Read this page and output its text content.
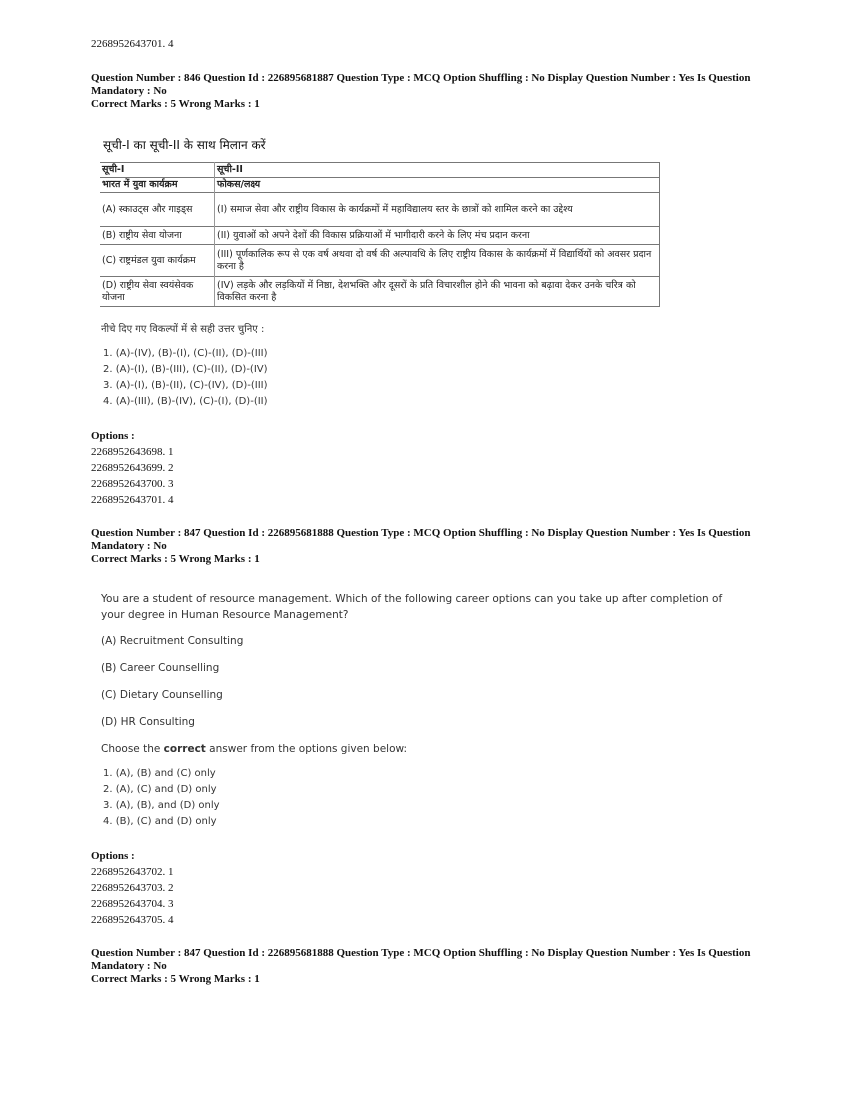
2268952643701. 4
Question Number : 846 Question Id : 226895681887 Question Type : MCQ Option Shuffling : No Display Question Number : Yes Is Question
Mandatory : No
Correct Marks : 5 Wrong Marks : 1
सूची-I का सूची-II के साथ मिलान करें
सूची-I	सूची-II
भारत में युवा कार्यक्रम	फोकस/लक्ष्य
(A) स्काउट्स और गाइड्स	(I) समाज सेवा और राष्ट्रीय विकास के कार्यक्रमों में महाविद्यालय स्तर के छात्रों को शामिल करने का उद्देश्य
(B) राष्ट्रीय सेवा योजना	(II) युवाओं को अपने देशों की विकास प्रक्रियाओं में भागीदारी करने के लिए मंच प्रदान करना
(C) राष्ट्रमंडल युवा कार्यक्रम	(III) पूर्णकालिक रूप से एक वर्ष अथवा दो वर्ष की अल्पावधि के लिए राष्ट्रीय विकास के कार्यक्रमों में विद्यार्थियों को अवसर प्रदान करना है
(D) राष्ट्रीय सेवा स्वयंसेवक योजना	(IV) लड़के और लड़कियों में निष्ठा, देशभक्ति और दूसरों के प्रति विचारशील होने की भावना को बढ़ावा देकर उनके चरित्र को विकसित करना है
नीचे दिए गए विकल्पों में से सही उत्तर चुनिए :
1. (A)-(IV), (B)-(I), (C)-(II), (D)-(III)
2. (A)-(I), (B)-(III), (C)-(II), (D)-(IV)
3. (A)-(I), (B)-(II), (C)-(IV), (D)-(III)
4. (A)-(III), (B)-(IV), (C)-(I), (D)-(II)
Options :
2268952643698. 1
2268952643699. 2
2268952643700. 3
2268952643701. 4
Question Number : 847 Question Id : 226895681888 Question Type : MCQ Option Shuffling : No Display Question Number : Yes Is Question
Mandatory : No
Correct Marks : 5 Wrong Marks : 1
You are a student of resource management. Which of the following career options can you take up after completion of
your degree in Human Resource Management?
(A) Recruitment Consulting
(B) Career Counselling
(C) Dietary Counselling
(D) HR Consulting
Choose the correct answer from the options given below:
1. (A), (B) and (C) only
2. (A), (C) and (D) only
3. (A), (B), and (D) only
4. (B), (C) and (D) only
Options :
2268952643702. 1
2268952643703. 2
2268952643704. 3
2268952643705. 4
Question Number : 847 Question Id : 226895681888 Question Type : MCQ Option Shuffling : No Display Question Number : Yes Is Question
Mandatory : No
Correct Marks : 5 Wrong Marks : 1
